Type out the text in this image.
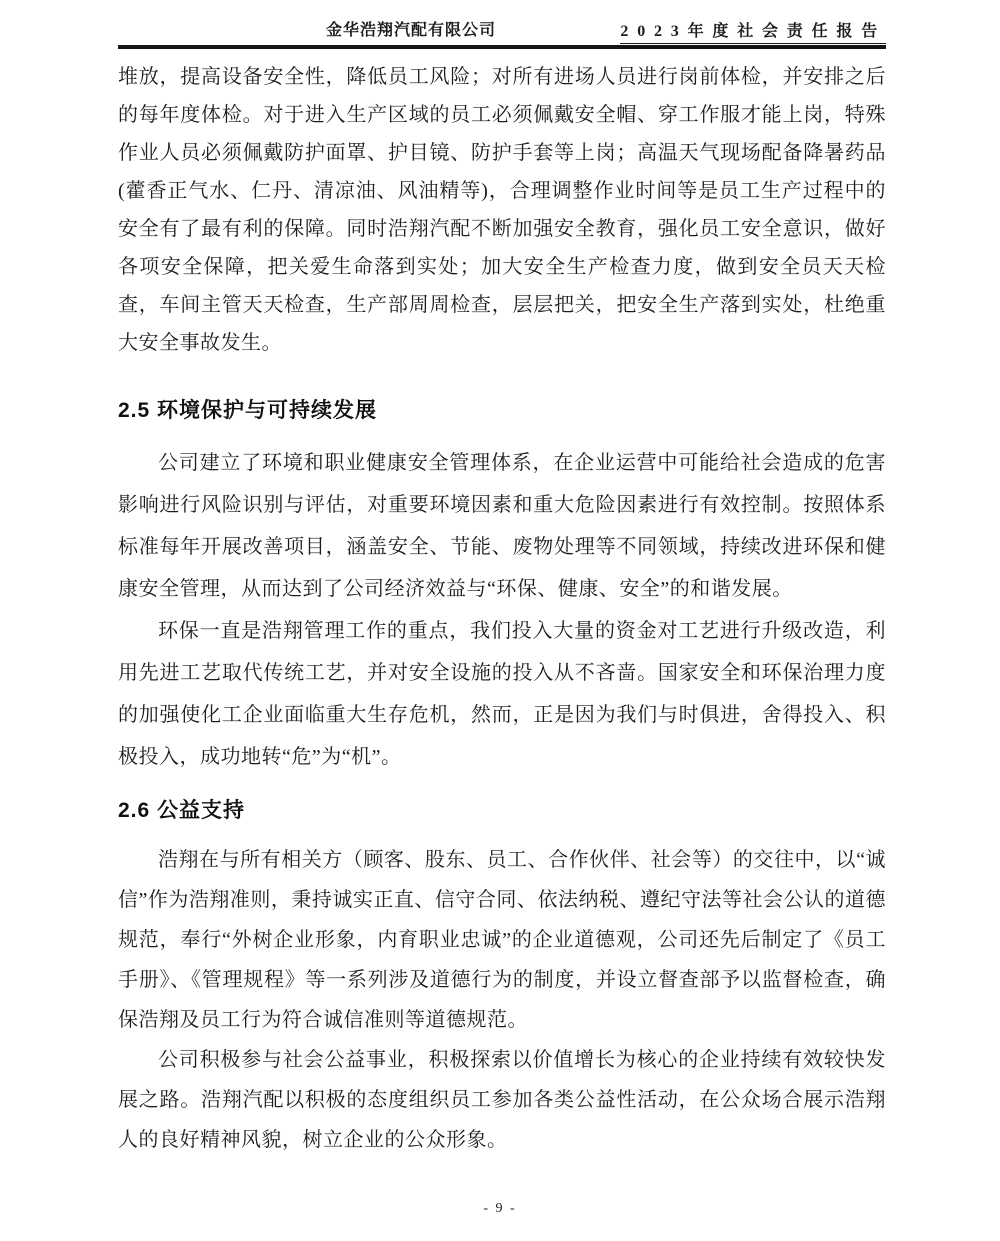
金华浩翔汽配有限公司	2023年度社会责任报告

堆放，提高设备安全性，降低员工风险；对所有进场人员进行岗前体检，并安排之后的每年度体检。对于进入生产区域的员工必须佩戴安全帽、穿工作服才能上岗，特殊作业人员必须佩戴防护面罩、护目镜、防护手套等上岗；高温天气现场配备降暑药品(藿香正气水、仁丹、清凉油、风油精等)，合理调整作业时间等是员工生产过程中的安全有了最有利的保障。同时浩翔汽配不断加强安全教育，强化员工安全意识，做好各项安全保障，把关爱生命落到实处；加大安全生产检查力度，做到安全员天天检查，车间主管天天检查，生产部周周检查，层层把关，把安全生产落到实处，杜绝重大安全事故发生。

2.5 环境保护与可持续发展

公司建立了环境和职业健康安全管理体系，在企业运营中可能给社会造成的危害影响进行风险识别与评估，对重要环境因素和重大危险因素进行有效控制。按照体系标准每年开展改善项目，涵盖安全、节能、废物处理等不同领域，持续改进环保和健康安全管理，从而达到了公司经济效益与“环保、健康、安全”的和谐发展。

环保一直是浩翔管理工作的重点，我们投入大量的资金对工艺进行升级改造，利用先进工艺取代传统工艺，并对安全设施的投入从不吝啬。国家安全和环保治理力度的加强使化工企业面临重大生存危机，然而，正是因为我们与时俱进，舍得投入、积极投入，成功地转“危”为“机”。

2.6 公益支持

浩翔在与所有相关方（顾客、股东、员工、合作伙伴、社会等）的交往中，以“诚信”作为浩翔准则，秉持诚实正直、信守合同、依法纳税、遵纪守法等社会公认的道德规范，奉行“外树企业形象，内育职业忠诚”的企业道德观，公司还先后制定了《员工手册》、《管理规程》等一系列涉及道德行为的制度，并设立督查部予以监督检查，确保浩翔及员工行为符合诚信准则等道德规范。

公司积极参与社会公益事业，积极探索以价值增长为核心的企业持续有效较快发展之路。浩翔汽配以积极的态度组织员工参加各类公益性活动，在公众场合展示浩翔人的良好精神风貌，树立企业的公众形象。

- 9 -
